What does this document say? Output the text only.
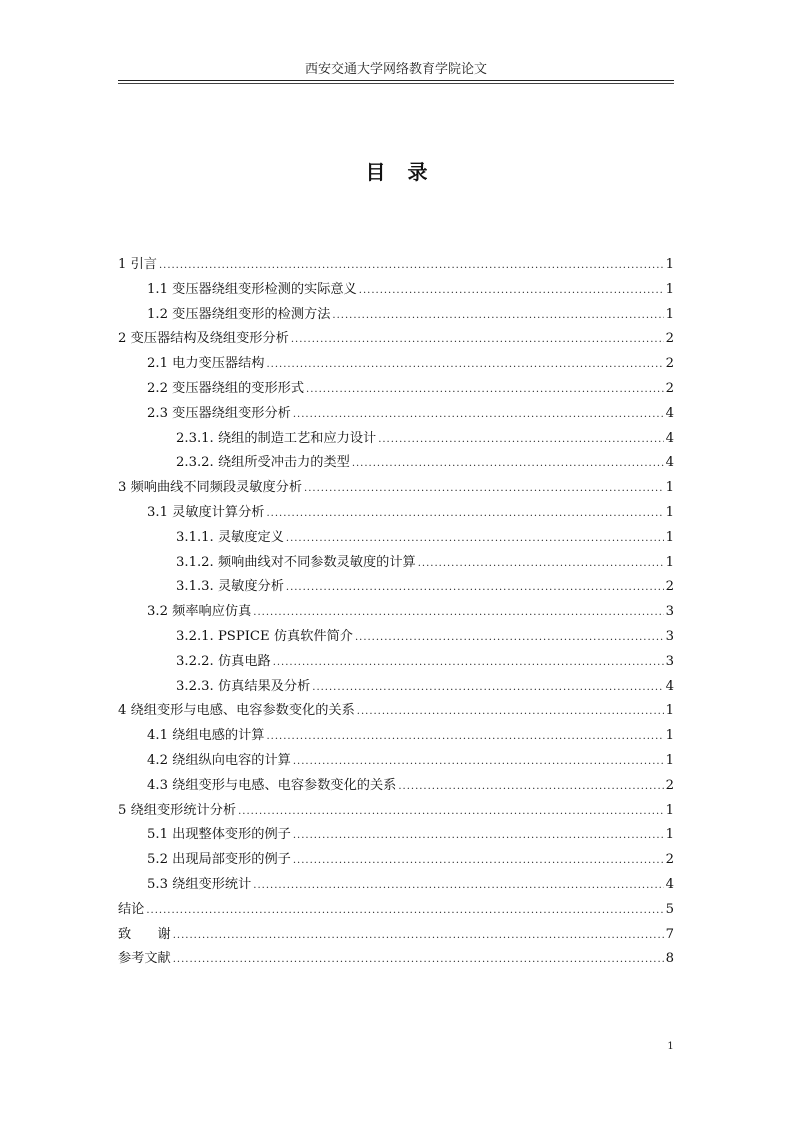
西安交通大学网络教育学院论文
目录
1 引言 .....	1
1.1 变压器绕组变形检测的实际意义 .....	1
1.2 变压器绕组变形的检测方法 .....	1
2 变压器结构及绕组变形分析 .....	2
2.1 电力变压器结构 .....	2
2.2 变压器绕组的变形形式 .....	2
2.3 变压器绕组变形分析 .....	4
2.3.1. 绕组的制造工艺和应力设计 .....	4
2.3.2. 绕组所受冲击力的类型 .....	4
3 频响曲线不同频段灵敏度分析 .....	1
3.1 灵敏度计算分析 .....	1
3.1.1. 灵敏度定义 .....	1
3.1.2. 频响曲线对不同参数灵敏度的计算 .....	1
3.1.3. 灵敏度分析 .....	2
3.2 频率响应仿真 .....	3
3.2.1. PSPICE 仿真软件简介 .....	3
3.2.2. 仿真电路 .....	3
3.2.3. 仿真结果及分析 .....	4
4 绕组变形与电感、电容参数变化的关系 .....	1
4.1 绕组电感的计算 .....	1
4.2 绕组纵向电容的计算 .....	1
4.3 绕组变形与电感、电容参数变化的关系 .....	2
5 绕组变形统计分析 .....	1
5.1 出现整体变形的例子 .....	1
5.2 出现局部变形的例子 .....	2
5.3 绕组变形统计 .....	4
结论 .....	5
致　　谢 .....	7
参考文献 .....	8
1
